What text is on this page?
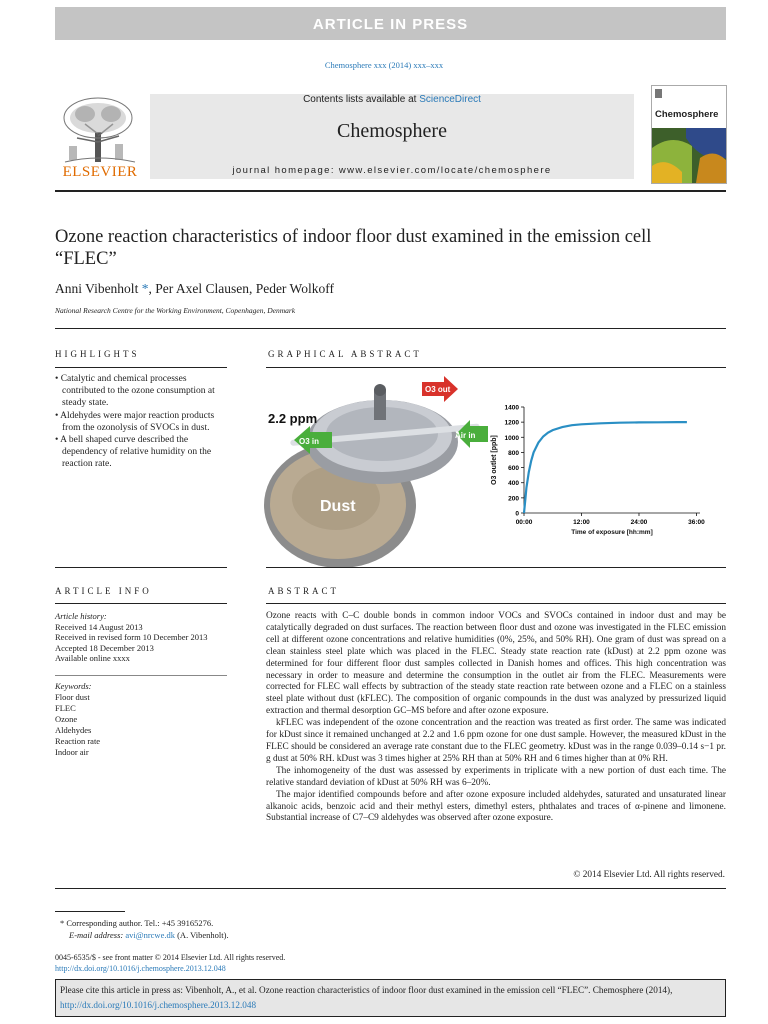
ARTICLE IN PRESS
Chemosphere xxx (2014) xxx–xxx
ELSEVIER
Contents lists available at ScienceDirect
Chemosphere
journal homepage: www.elsevier.com/locate/chemosphere
Chemosphere
Ozone reaction characteristics of indoor floor dust examined in the emission cell “FLEC”
Anni Vibenholt *, Per Axel Clausen, Peder Wolkoff
National Research Centre for the Working Environment, Copenhagen, Denmark
HIGHLIGHTS
• Catalytic and chemical processes contributed to the ozone consumption at steady state.
• Aldehydes were major reaction products from the ozonolysis of SVOCs in dust.
• A bell shaped curve described the dependency of relative humidity on the reaction rate.
GRAPHICAL ABSTRACT
2.2 ppm
O3 in
O3 out
Air in
Dust	0
200
400
600
800
1000
1200
1400
00:00	12:00	24:00	36:00
O3 outlet [ppb]
Time of exposure [hh:mm]
ARTICLE INFO
Article history:
Received 14 August 2013
Received in revised form 10 December 2013
Accepted 18 December 2013
Available online xxxx
Keywords:
Floor dust
FLEC
Ozone
Aldehydes
Reaction rate
Indoor air
ABSTRACT

Ozone reacts with C–C double bonds in common indoor VOCs and SVOCs contained in indoor dust and may be catalytically degraded on dust surfaces. The reaction between floor dust and ozone was investigated in the FLEC emission cell at different ozone concentrations and relative humidities (0%, 25%, and 50% RH). One gram of dust was spread on a clean stainless steel plate which was placed in the FLEC. Steady state reaction rate (kDust) at 2.2 ppm ozone was determined for four different floor dust samples collected in Danish homes and offices. This high concentration was necessary in order to measure and determine the consumption in the outlet air from the FLEC. Measurements were corrected for FLEC wall effects by subtraction of the steady state reaction rate between ozone and a FLEC on a stainless steel plate without dust (kFLEC). The composition of organic compounds in the dust was analyzed by pressurized liquid extraction and thermal desorption GC–MS before and after ozone exposure.

kFLEC was independent of the ozone concentration and the reaction was treated as first order. The same was indicated for kDust since it remained unchanged at 2.2 and 1.6 ppm ozone for one dust sample. However, the measured kDust in the FLEC should be considered an average rate constant due to the FLEC geometry. kDust was in the range 0.039–0.14 s−1 pr. g dust at 50% RH. kDust was 3 times higher at 25% RH than at 50% RH and 6 times higher than at 0% RH.

The inhomogeneity of the dust was assessed by experiments in triplicate with a new portion of dust each time. The relative standard deviation of kDust at 50% RH was 6–20%.

The major identified compounds before and after ozone exposure included aldehydes, saturated and unsaturated linear alkanoic acids, benzoic acid and their methyl esters, dimethyl esters, phthalates and traces of α-pinene and limonene. Substantial increase of C7–C9 aldehydes was observed after ozone exposure.

© 2014 Elsevier Ltd. All rights reserved.
* Corresponding author. Tel.: +45 39165276.
E-mail address: avi@nrcwe.dk (A. Vibenholt).
0045-6535/$ - see front matter © 2014 Elsevier Ltd. All rights reserved.
http://dx.doi.org/10.1016/j.chemosphere.2013.12.048
Please cite this article in press as: Vibenholt, A., et al. Ozone reaction characteristics of indoor floor dust examined in the emission cell “FLEC”. Chemosphere (2014), http://dx.doi.org/10.1016/j.chemosphere.2013.12.048
